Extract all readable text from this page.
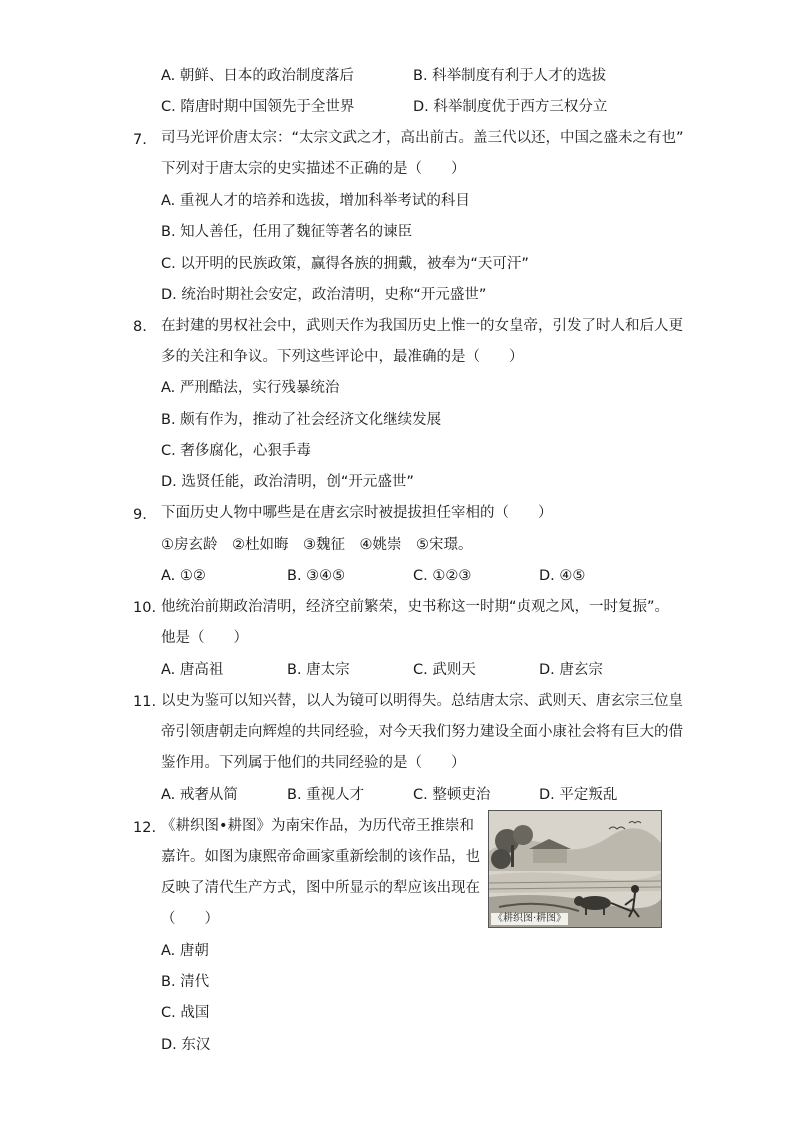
A. 朝鲜、日本的政治制度落后	B. 科举制度有利于人才的选拔
C. 隋唐时期中国领先于全世界	D. 科举制度优于西方三权分立
7. 司马光评价唐太宗：“太宗文武之才，高出前古。盖三代以还，中国之盛未之有也”
下列对于唐太宗的史实描述不正确的是（　　）
A. 重视人才的培养和选拔，增加科举考试的科目
B. 知人善任，任用了魏征等著名的谏臣
C. 以开明的民族政策，赢得各族的拥戴，被奉为“天可汗”
D. 统治时期社会安定，政治清明，史称“开元盛世”
8. 在封建的男权社会中，武则天作为我国历史上惟一的女皇帝，引发了时人和后人更
多的关注和争议。下列这些评论中，最准确的是（　　）
A. 严刑酷法，实行残暴统治
B. 颇有作为，推动了社会经济文化继续发展
C. 奢侈腐化，心狠手毒
D. 选贤任能，政治清明，创“开元盛世”
9. 下面历史人物中哪些是在唐玄宗时被提拔担任宰相的（　　）
①房玄龄　②杜如晦　③魏征　④姚崇　⑤宋璟。
A. ①②	B. ③④⑤	C. ①②③	D. ④⑤
10. 他统治前期政治清明，经济空前繁荣，史书称这一时期“贞观之风，一时复振”。
他是（　　）
A. 唐高祖	B. 唐太宗	C. 武则天	D. 唐玄宗
11. 以史为鉴可以知兴替，以人为镜可以明得失。总结唐太宗、武则天、唐玄宗三位皇
帝引领唐朝走向辉煌的共同经验，对今天我们努力建设全面小康社会将有巨大的借
鉴作用。下列属于他们的共同经验的是（　　）
A. 戒奢从简	B. 重视人才	C. 整顿吏治	D. 平定叛乱
12. 《耕织图•耕图》为南宋作品，为历代帝王推崇和
嘉许。如图为康熙帝命画家重新绘制的该作品，也
反映了清代生产方式，图中所显示的犁应该出现在
（　　）
A. 唐朝
B. 清代
C. 战国
D. 东汉
《耕织图·耕图》
